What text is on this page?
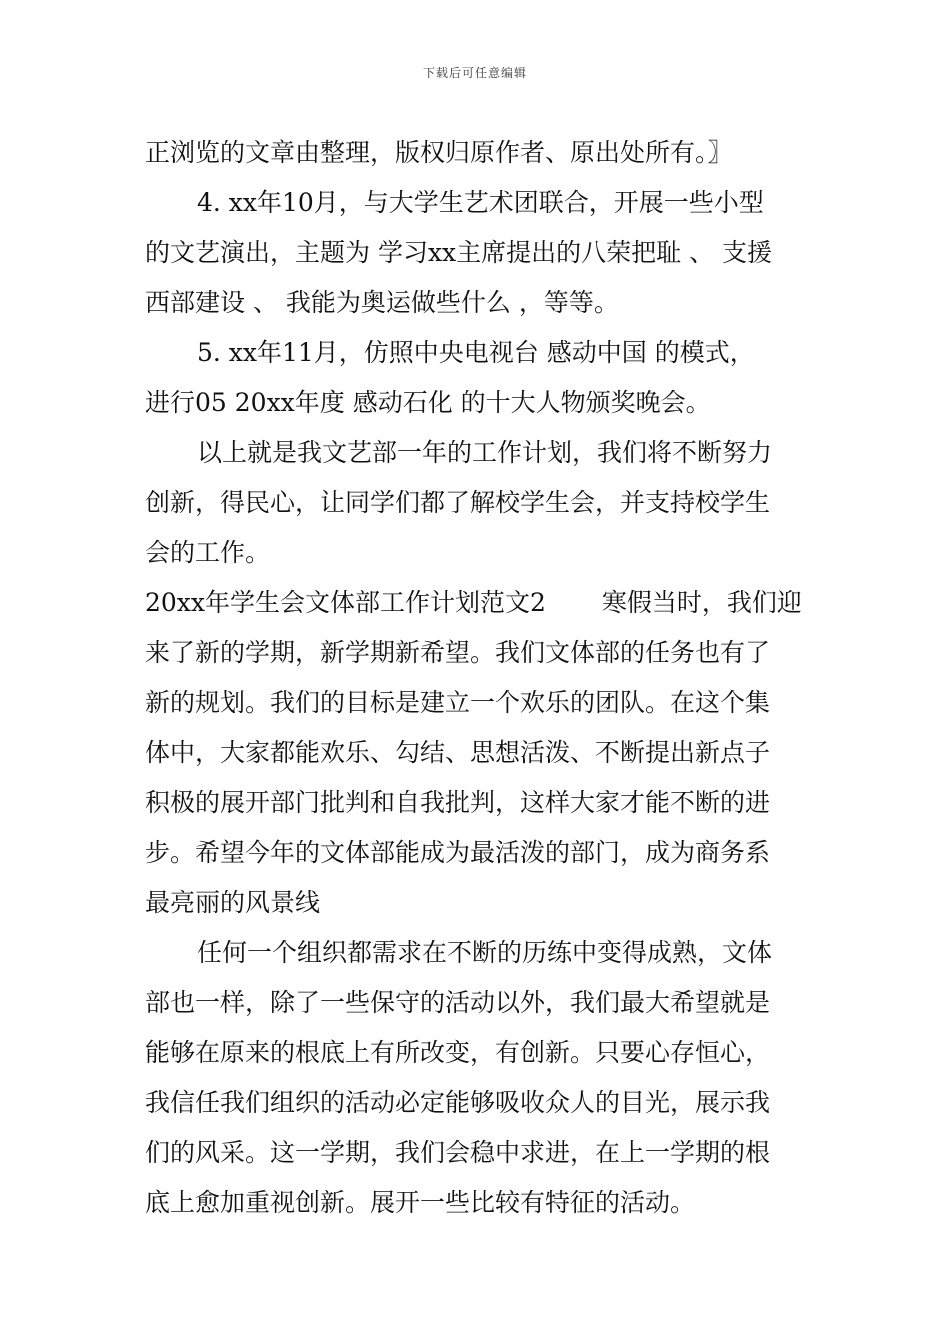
下载后可任意编辑
正浏览的文章由整理，版权归原作者、原出处所有。〗
4. xx年10月，与大学生艺术团联合，开展一些小型
的文艺演出，主题为 学习xx主席提出的八荣把耻 、 支援
西部建设 、 我能为奥运做些什么 ，等等。
5. xx年11月，仿照中央电视台 感动中国 的模式，
进行05 20xx年度 感动石化 的十大人物颁奖晚会。
以上就是我文艺部一年的工作计划，我们将不断努力
创新，得民心，让同学们都了解校学生会，并支持校学生
会的工作。
20xx年学生会文体部工作计划范文2 寒假当时，我们迎
来了新的学期，新学期新希望。我们文体部的任务也有了
新的规划。我们的目标是建立一个欢乐的团队。在这个集
体中，大家都能欢乐、勾结、思想活泼、不断提出新点子
积极的展开部门批判和自我批判，这样大家才能不断的进
步。希望今年的文体部能成为最活泼的部门，成为商务系
最亮丽的风景线
任何一个组织都需求在不断的历练中变得成熟，文体
部也一样，除了一些保守的活动以外，我们最大希望就是
能够在原来的根底上有所改变，有创新。只要心存恒心，
我信任我们组织的活动必定能够吸收众人的目光，展示我
们的风采。这一学期，我们会稳中求进，在上一学期的根
底上愈加重视创新。展开一些比较有特征的活动。
